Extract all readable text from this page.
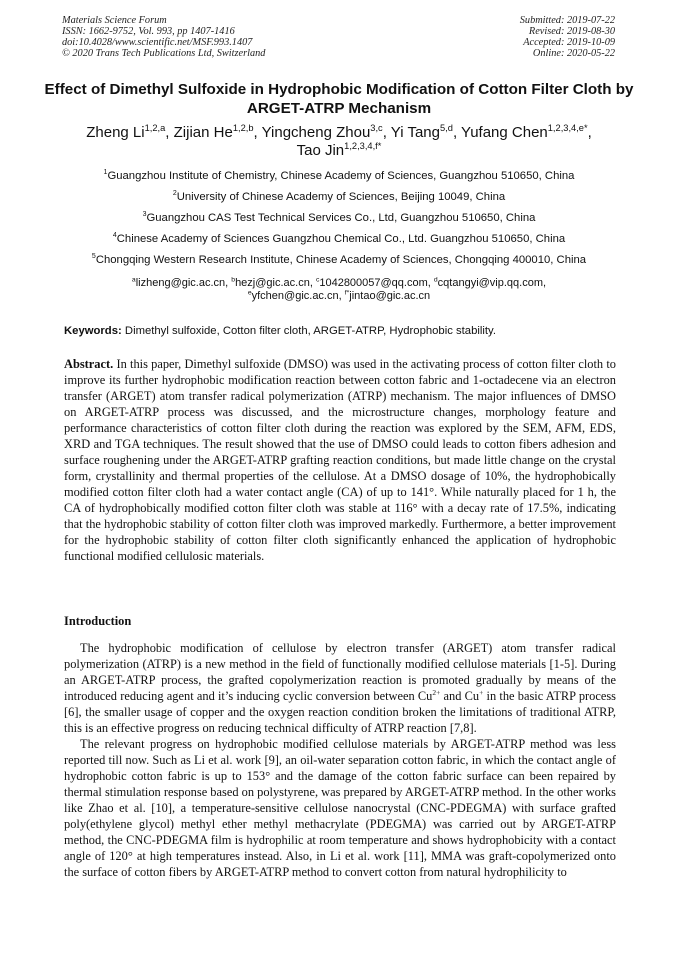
Materials Science Forum
ISSN: 1662-9752, Vol. 993, pp 1407-1416
doi:10.4028/www.scientific.net/MSF.993.1407
© 2020 Trans Tech Publications Ltd, Switzerland
Submitted: 2019-07-22
Revised: 2019-08-30
Accepted: 2019-10-09
Online: 2020-05-22
Effect of Dimethyl Sulfoxide in Hydrophobic Modification of Cotton Filter Cloth by ARGET-ATRP Mechanism
Zheng Li$^{1,2,a}$, Zijian He$^{1,2,b}$, Yingcheng Zhou$^{3,c}$, Yi Tang$^{5,d}$, Yufang Chen$^{1,2,3,4,e*}$,
Tao Jin$^{1,2,3,4,f*}$
$^1$Guangzhou Institute of Chemistry, Chinese Academy of Sciences, Guangzhou 510650, China
$^2$University of Chinese Academy of Sciences, Beijing 10049, China
$^3$Guangzhou CAS Test Technical Services Co., Ltd, Guangzhou 510650, China
$^4$Chinese Academy of Sciences Guangzhou Chemical Co., Ltd. Guangzhou 510650, China
$^5$Chongqing Western Research Institute, Chinese Academy of Sciences, Chongqing 400010, China
$^a$lizheng@gic.ac.cn, $^b$hezj@gic.ac.cn, $^c$1042800057@qq.com, $^d$cqtangyi@vip.qq.com,
$^e$yfchen@gic.ac.cn, $^{f*}$jintao@gic.ac.cn
Keywords: Dimethyl sulfoxide, Cotton filter cloth, ARGET-ATRP, Hydrophobic stability.
Abstract. In this paper, Dimethyl sulfoxide (DMSO) was used in the activating process of cotton filter cloth to improve its further hydrophobic modification reaction between cotton fabric and 1-octadecene via an electron transfer (ARGET) atom transfer radical polymerization (ATRP) mechanism. The major influences of DMSO on ARGET-ATRP process was discussed, and the microstructure changes, morphology feature and performance characteristics of cotton filter cloth during the reaction was explored by the SEM, AFM, EDS, XRD and TGA techniques. The result showed that the use of DMSO could leads to cotton fibers adhesion and surface roughening under the ARGET-ATRP grafting reaction conditions, but made little change on the crystal form, crystallinity and thermal properties of the cellulose. At a DMSO dosage of 10%, the hydrophobically modified cotton filter cloth had a water contact angle (CA) of up to 141°. While naturally placed for 1 h, the CA of hydrophobically modified cotton filter cloth was stable at 116° with a decay rate of 17.5%, indicating that the hydrophobic stability of cotton filter cloth was improved markedly. Furthermore, a better improvement for the hydrophobic stability of cotton filter cloth significantly enhanced the application of hydrophobic functional modified cellulosic materials.
Introduction

The hydrophobic modification of cellulose by electron transfer (ARGET) atom transfer radical polymerization (ATRP) is a new method in the field of functionally modified cellulose materials [1-5]. During an ARGET-ATRP process, the grafted copolymerization reaction is promoted gradually by means of the introduced reducing agent and it’s inducing cyclic conversion between $Cu^{2+}$ and Cu+ in the basic ATRP process [6], the smaller usage of copper and the oxygen reaction condition broken the limitations of traditional ATRP, this is an effective progress on reducing technical difficulty of ATRP reaction [7,8].

The relevant progress on hydrophobic modified cellulose materials by ARGET-ATRP method was less reported till now. Such as Li et al. work [9], an oil-water separation cotton fabric, in which the contact angle of hydrophobic cotton fabric is up to 153° and the damage of the cotton fabric surface can been repaired by thermal stimulation response based on polystyrene, was prepared by ARGET-ATRP method. In the other works like Zhao et al. [10], a temperature-sensitive cellulose nanocrystal (CNC-PDEGMA) with surface grafted poly(ethylene glycol) methyl ether methyl methacrylate (PDEGMA) was carried out by ARGET-ATRP method, the CNC-PDEGMA film is hydrophilic at room temperature and shows hydrophobicity with a contact angle of 120° at high temperatures instead. Also, in Li et al. work [11], MMA was graft-copolymerized onto the surface of cotton fibers by ARGET-ATRP method to convert cotton from natural hydrophilicity to
